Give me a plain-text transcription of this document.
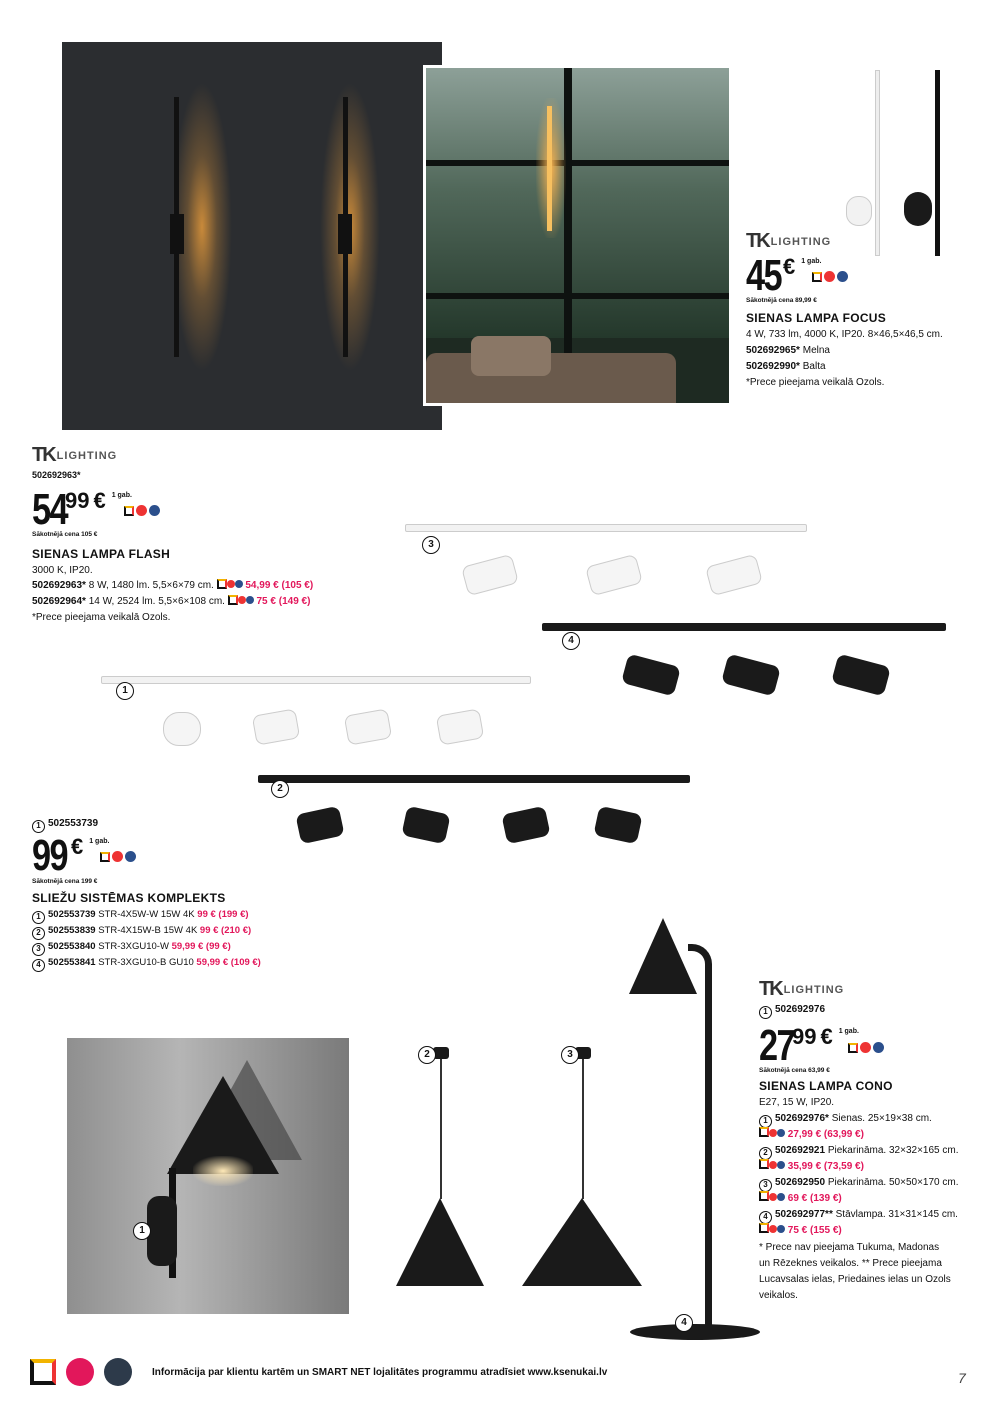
TK LIGHTING
45 € 1 gab.
Sākotnējā cena 89,99 €
SIENAS LAMPA FOCUS
4 W, 733 lm, 4000 K, IP20. 8×46,5×46,5 cm.
502692965* Melna
502692990* Balta
*Prece pieejama veikalā Ozols.
TK LIGHTING
502692963*
54
99 € 1 gab.
Sākotnējā cena 105 €
SIENAS LAMPA FLASH
3000 K, IP20.
502692963* 8 W, 1480 lm. 5,5×6×79 cm.	54,99 € (105 €)
502692964* 14 W, 2524 lm. 5,5×6×108 cm.	75 € (149 €)
*Prece pieejama veikalā Ozols.
3
4
1
2
1 502553739
99 € 1 gab.
Sākotnējā cena 199 €
SLIEŽU SISTĒMAS KOMPLEKTS
1 502553739 STR-4X5W-W 15W 4K 99 € (199 €)
2 502553839 STR-4X15W-B 15W 4K 99 € (210 €)
3 502553840 STR-3XGU10-W 59,99 € (99 €)
4 502553841 STR-3XGU10-B GU10 59,99 € (109 €)
1
2	3
4
TK LIGHTING
1 502692976
27
99 € 1 gab.
Sākotnējā cena 63,99 €
SIENAS LAMPA CONO
E27, 15 W, IP20.
1 502692976* Sienas. 25×19×38 cm.
27,99 € (63,99 €)
2 502692921 Piekarināma. 32×32×165 cm.
35,99 € (73,59 €)
3 502692950 Piekarināma. 50×50×170 cm.
69 € (139 €)
4 502692977** Stāvlampa. 31×31×145 cm.
75 € (155 €)
* Prece nav pieejama Tukuma, Madonas
un Rēzeknes veikalos. ** Prece pieejama
Lucavsalas ielas, Priedaines ielas un Ozols
veikalos.
Informācija par klientu kartēm un SMART NET lojalitātes programmu atradīsiet www.ksenukai.lv	7
